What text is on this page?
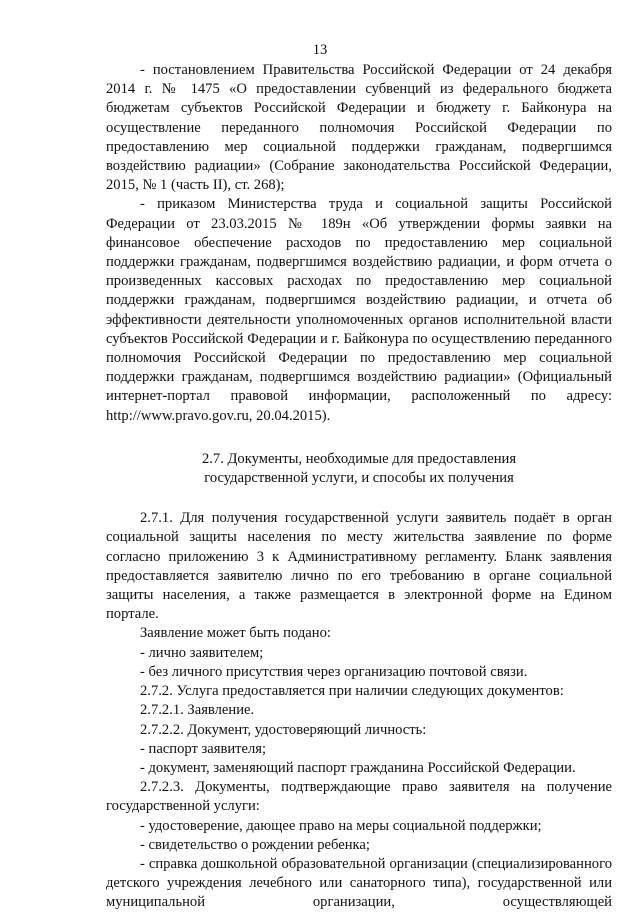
13

- постановлением Правительства Российской Федерации от 24 декабря 2014 г. № 1475 «О предоставлении субвенций из федерального бюджета бюджетам субъектов Российской Федерации и бюджету г. Байконура на осуществление переданного полномочия Российской Федерации по предоставлению мер социальной поддержки гражданам, подвергшимся воздействию радиации» (Собрание законодательства Российской Федерации, 2015, № 1 (часть II), ст. 268);

- приказом Министерства труда и социальной защиты Российской Федерации от 23.03.2015 № 189н «Об утверждении формы заявки на финансовое обеспечение расходов по предоставлению мер социальной поддержки гражданам, подвергшимся воздействию радиации, и форм отчета о произведенных кассовых расходах по предоставлению мер социальной поддержки гражданам, подвергшимся воздействию радиации, и отчета об эффективности деятельности уполномоченных органов исполнительной власти субъектов Российской Федерации и г. Байконура по осуществлению переданного полномочия Российской Федерации по предоставлению мер социальной поддержки гражданам, подвергшимся воздействию радиации» (Официальный интернет-портал правовой информации, расположенный по адресу: http://www.pravo.gov.ru, 20.04.2015).

2.7. Документы, необходимые для предоставления
государственной услуги, и способы их получения

2.7.1. Для получения государственной услуги заявитель подаёт в орган социальной защиты населения по месту жительства заявление по форме согласно приложению 3 к Административному регламенту. Бланк заявления предоставляется заявителю лично по его требованию в органе социальной защиты населения, а также размещается в электронной форме на Едином портале.

Заявление может быть подано:

- лично заявителем;

- без личного присутствия через организацию почтовой связи.

2.7.2. Услуга предоставляется при наличии следующих документов:

2.7.2.1. Заявление.

2.7.2.2. Документ, удостоверяющий личность:

- паспорт заявителя;

- документ, заменяющий паспорт гражданина Российской Федерации.

2.7.2.3. Документы, подтверждающие право заявителя на получение государственной услуги:

- удостоверение, дающее право на меры социальной поддержки;

- свидетельство о рождении ребенка;

- справка дошкольной образовательной организации (специализированного детского учреждения лечебного или санаторного типа), государственной или муниципальной организации, осуществляющей
